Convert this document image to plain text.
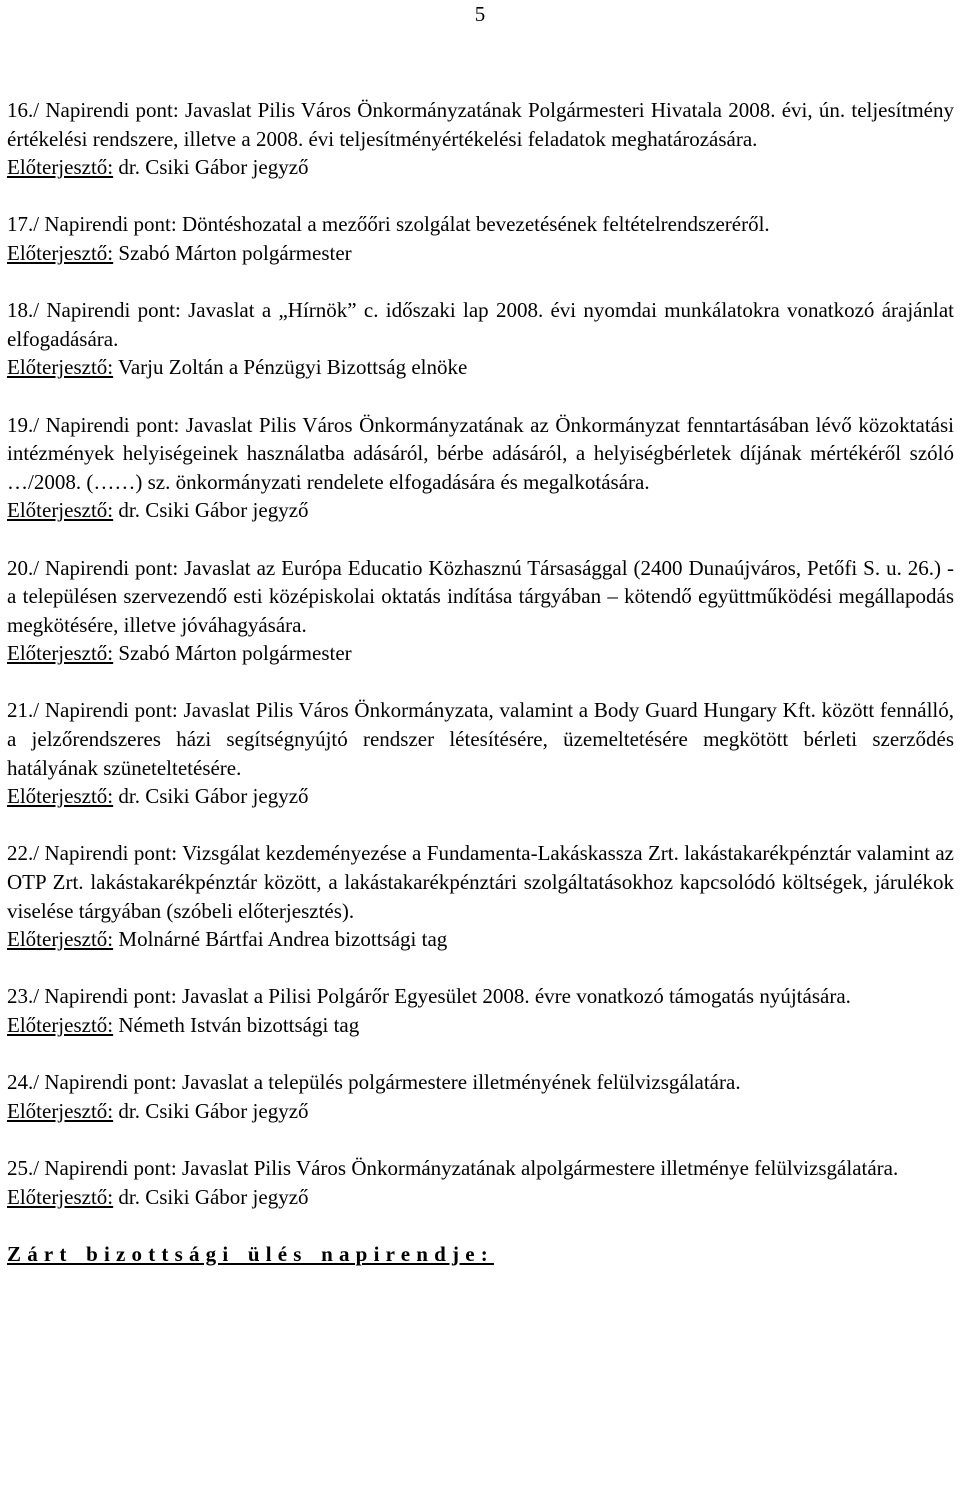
5

16./ Napirendi pont: Javaslat Pilis Város Önkormányzatának Polgármesteri Hivatala 2008. évi, ún. teljesítmény értékelési rendszere, illetve a 2008. évi teljesítményértékelési feladatok meghatározására.

Előterjesztő: dr. Csiki Gábor jegyző

17./ Napirendi pont: Döntéshozatal a mezőőri szolgálat bevezetésének feltételrendszeréről.

Előterjesztő: Szabó Márton polgármester

18./ Napirendi pont: Javaslat a „Hírnök” c. időszaki lap 2008. évi nyomdai munkálatokra vonatkozó árajánlat elfogadására.

Előterjesztő: Varju Zoltán a Pénzügyi Bizottság elnöke

19./ Napirendi pont: Javaslat Pilis Város Önkormányzatának az Önkormányzat fenntartásában lévő közoktatási intézmények helyiségeinek használatba adásáról, bérbe adásáról, a helyiségbérletek díjának mértékéről szóló …/2008. (……) sz. önkormányzati rendelete elfogadására és megalkotására.

Előterjesztő: dr. Csiki Gábor jegyző

20./ Napirendi pont: Javaslat az Európa Educatio Közhasznú Társasággal (2400 Dunaújváros, Petőfi S. u. 26.) - a településen szervezendő esti középiskolai oktatás indítása tárgyában – kötendő együttműködési megállapodás megkötésére, illetve jóváhagyására.

Előterjesztő: Szabó Márton polgármester

21./ Napirendi pont: Javaslat Pilis Város Önkormányzata, valamint a Body Guard Hungary Kft. között fennálló, a jelzőrendszeres házi segítségnyújtó rendszer létesítésére, üzemeltetésére megkötött bérleti szerződés hatályának szüneteltetésére.

Előterjesztő: dr. Csiki Gábor jegyző

22./ Napirendi pont: Vizsgálat kezdeményezése a Fundamenta-Lakáskassza Zrt. lakástakarékpénztár valamint az OTP Zrt. lakástakarékpénztár között, a lakástakarékpénztári szolgáltatásokhoz kapcsolódó költségek, járulékok viselése tárgyában (szóbeli előterjesztés).

Előterjesztő: Molnárné Bártfai Andrea bizottsági tag

23./ Napirendi pont: Javaslat a Pilisi Polgárőr Egyesület 2008. évre vonatkozó támogatás nyújtására.

Előterjesztő: Németh István bizottsági tag

24./ Napirendi pont: Javaslat a település polgármestere illetményének felülvizsgálatára.

Előterjesztő: dr. Csiki Gábor jegyző

25./ Napirendi pont: Javaslat Pilis Város Önkormányzatának alpolgármestere illetménye felülvizsgálatára.

Előterjesztő: dr. Csiki Gábor jegyző

Zárt bizottsági ülés napirendje:
